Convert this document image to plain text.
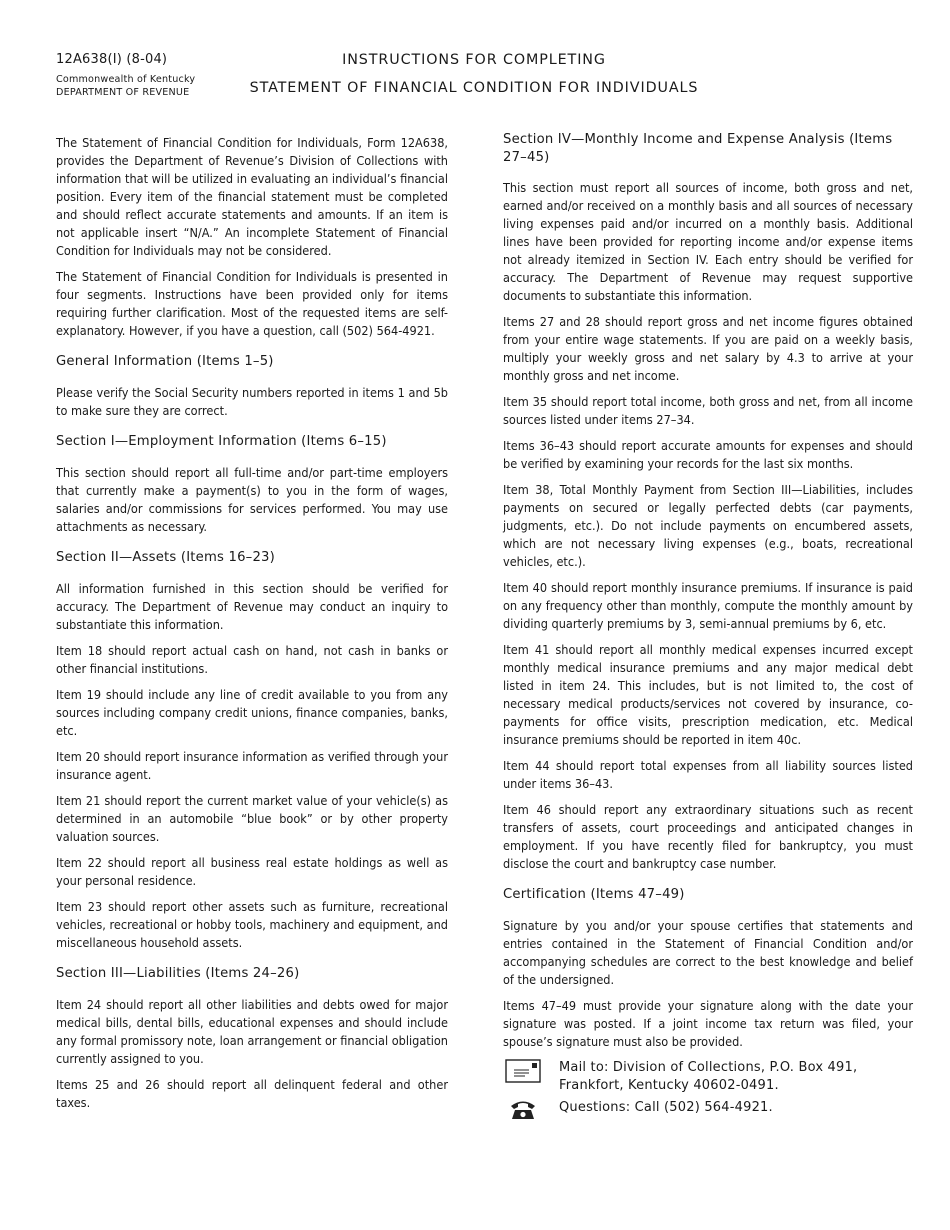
12A638(I) (8-04)
Commonwealth of Kentucky
DEPARTMENT OF REVENUE
INSTRUCTIONS FOR COMPLETING
STATEMENT OF FINANCIAL CONDITION FOR INDIVIDUALS

The Statement of Financial Condition for Individuals, Form 12A638, provides the Department of Revenue’s Division of Collections with information that will be utilized in evaluating an individual’s financial position. Every item of the financial statement must be completed and should reflect accurate statements and amounts. If an item is not applicable insert “N/A.” An incomplete Statement of Financial Condition for Individuals may not be considered.

The Statement of Financial Condition for Individuals is presented in four segments. Instructions have been provided only for items requiring further clarification. Most of the requested items are self-explanatory. However, if you have a question, call (502) 564-4921.

General Information (Items 1–5)

Please verify the Social Security numbers reported in items 1 and 5b to make sure they are correct.

Section I—Employment Information (Items 6–15)

This section should report all full-time and/or part-time employers that currently make a payment(s) to you in the form of wages, salaries and/or commissions for services performed. You may use attachments as necessary.

Section II—Assets (Items 16–23)

All information furnished in this section should be verified for accuracy. The Department of Revenue may conduct an inquiry to substantiate this information.

Item 18 should report actual cash on hand, not cash in banks or other financial institutions.

Item 19 should include any line of credit available to you from any sources including company credit unions, finance companies, banks, etc.

Item 20 should report insurance information as verified through your insurance agent.

Item 21 should report the current market value of your vehicle(s) as determined in an automobile “blue book” or by other property valuation sources.

Item 22 should report all business real estate holdings as well as your personal residence.

Item 23 should report other assets such as furniture, recreational vehicles, recreational or hobby tools, machinery and equipment, and miscellaneous household assets.

Section III—Liabilities (Items 24–26)

Item 24 should report all other liabilities and debts owed for major medical bills, dental bills, educational expenses and should include any formal promissory note, loan arrangement or financial obligation currently assigned to you.

Items 25 and 26 should report all delinquent federal and other taxes.

Section IV—Monthly Income and Expense Analysis (Items 27–45)

This section must report all sources of income, both gross and net, earned and/or received on a monthly basis and all sources of necessary living expenses paid and/or incurred on a monthly basis. Additional lines have been provided for reporting income and/or expense items not already itemized in Section IV. Each entry should be verified for accuracy. The Department of Revenue may request supportive documents to substantiate this information.

Items 27 and 28 should report gross and net income figures obtained from your entire wage statements. If you are paid on a weekly basis, multiply your weekly gross and net salary by 4.3 to arrive at your monthly gross and net income.

Item 35 should report total income, both gross and net, from all income sources listed under items 27–34.

Items 36–43 should report accurate amounts for expenses and should be verified by examining your records for the last six months.

Item 38, Total Monthly Payment from Section III—Liabilities, includes payments on secured or legally perfected debts (car payments, judgments, etc.). Do not include payments on encumbered assets, which are not necessary living expenses (e.g., boats, recreational vehicles, etc.).

Item 40 should report monthly insurance premiums. If insurance is paid on any frequency other than monthly, compute the monthly amount by dividing quarterly premiums by 3, semi-annual premiums by 6, etc.

Item 41 should report all monthly medical expenses incurred except monthly medical insurance premiums and any major medical debt listed in item 24. This includes, but is not limited to, the cost of necessary medical products/services not covered by insurance, co-payments for office visits, prescription medication, etc. Medical insurance premiums should be reported in item 40c.

Item 44 should report total expenses from all liability sources listed under items 36–43.

Item 46 should report any extraordinary situations such as recent transfers of assets, court proceedings and anticipated changes in employment. If you have recently filed for bankruptcy, you must disclose the court and bankruptcy case number.

Certification (Items 47–49)

Signature by you and/or your spouse certifies that statements and entries contained in the Statement of Financial Condition and/or accompanying schedules are correct to the best knowledge and belief of the undersigned.

Items 47–49 must provide your signature along with the date your signature was posted. If a joint income tax return was filed, your spouse’s signature must also be provided.

Mail to: Division of Collections, P.O. Box 491, Frankfort, Kentucky 40602-0491.
Questions: Call (502) 564-4921.
